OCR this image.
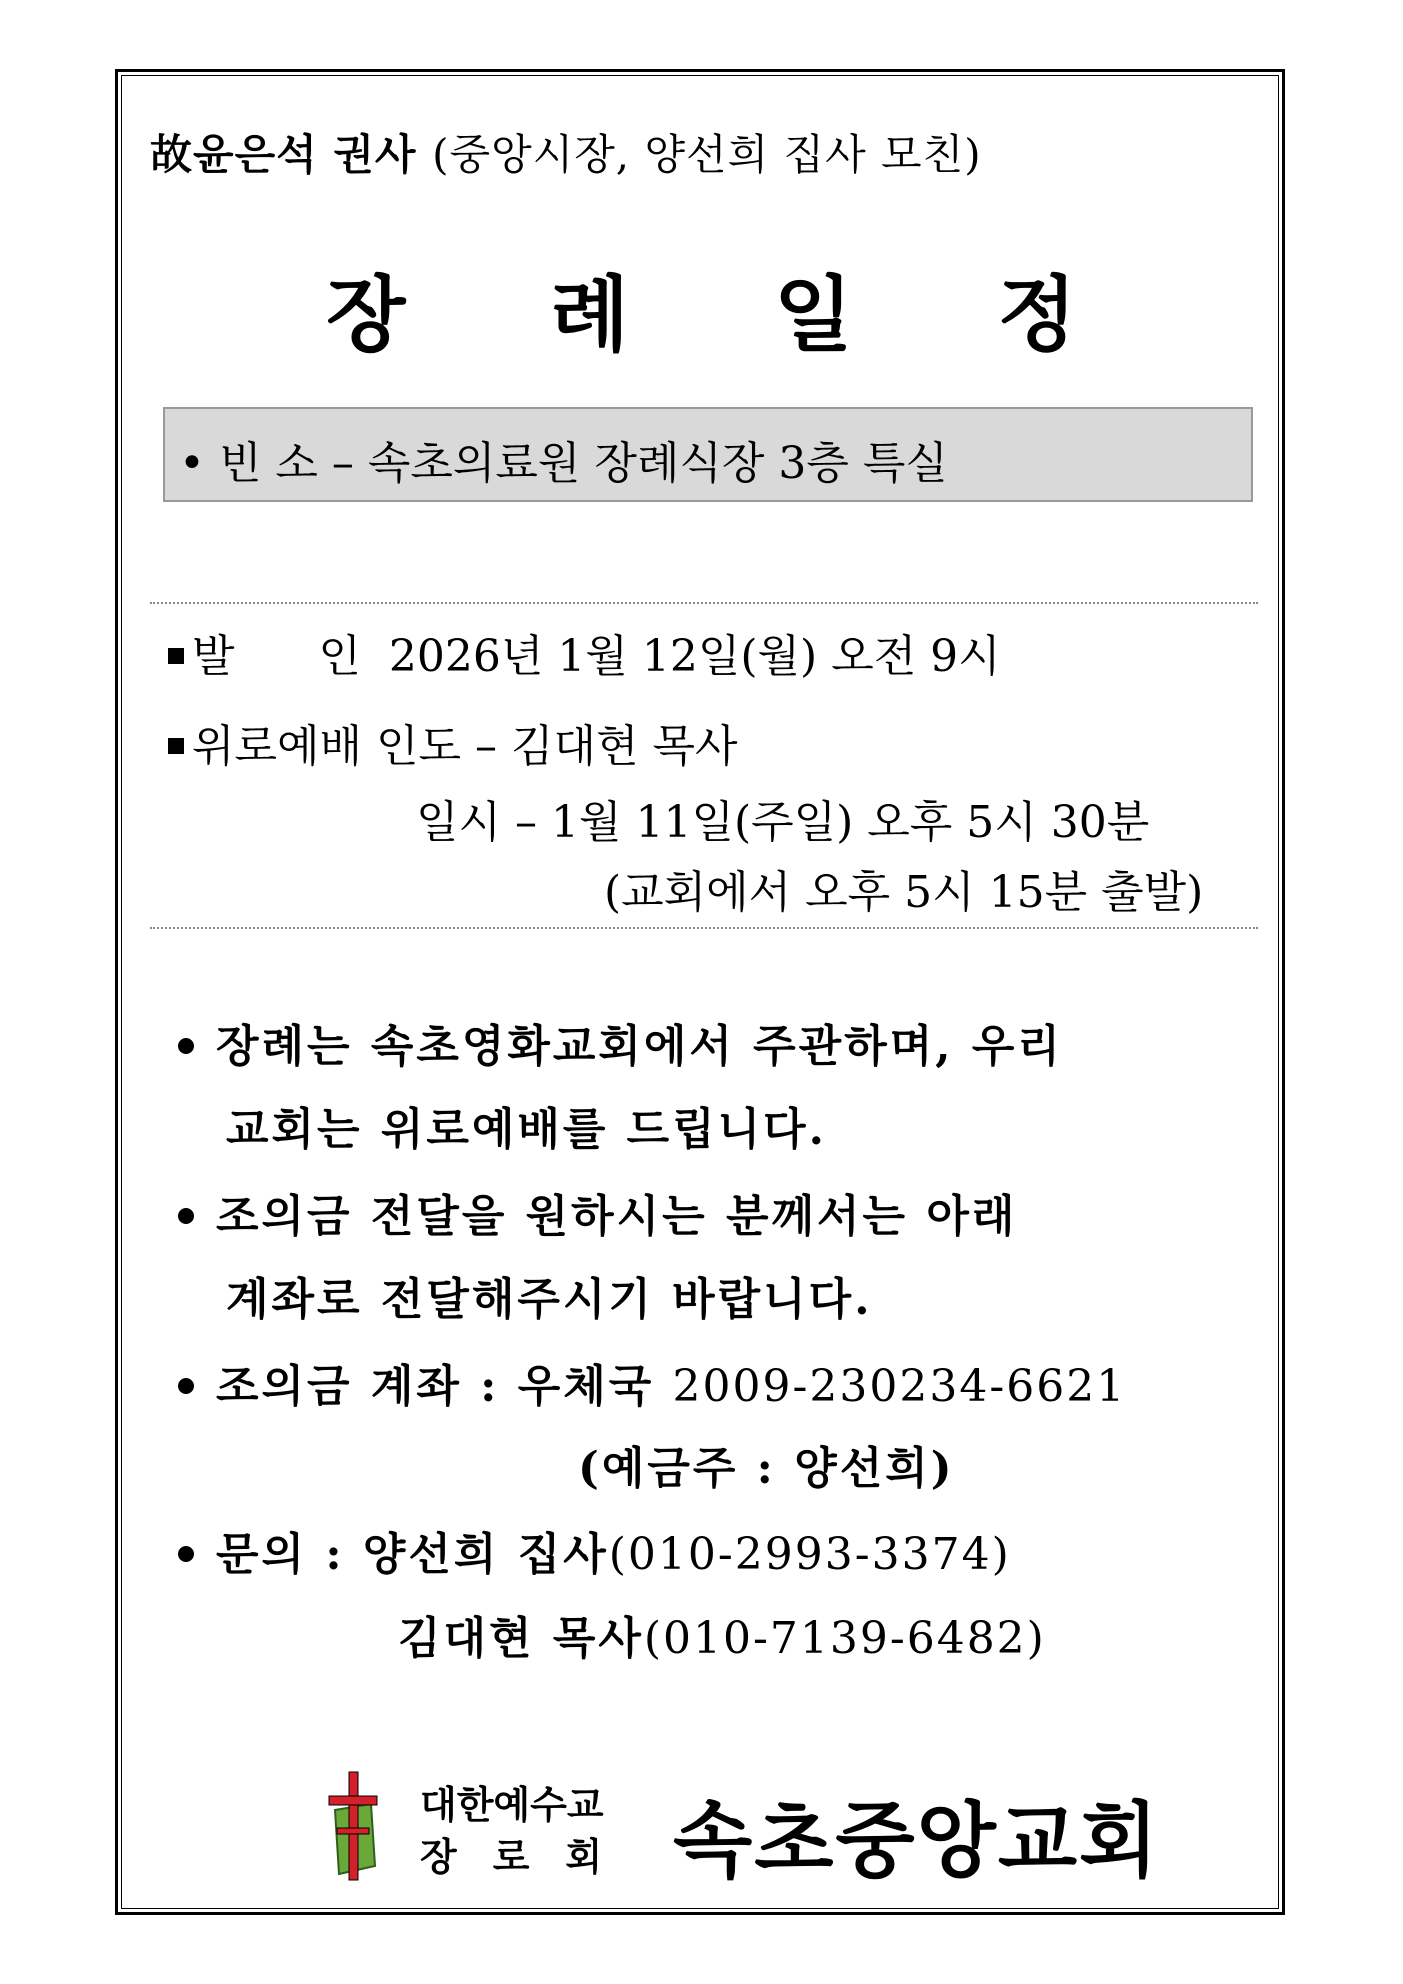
故윤은석 권사 (중앙시장, 양선희 집사 모친)
장 례 일 정
• 빈 소 – 속초의료원 장례식장 3층 특실
발      인 2026년 1월 12일(월) 오전 9시
위로예배 인도 – 김대현 목사
일시 – 1월 11일(주일) 오후 5시 30분
(교회에서 오후 5시 15분 출발)
장례는 속초영화교회에서 주관하며, 우리
교회는 위로예배를 드립니다.
조의금 전달을 원하시는 분께서는 아래
계좌로 전달해주시기 바랍니다.
조의금 계좌 : 우체국 2009-230234-6621
(예금주 : 양선희)
문의 : 양선희 집사(010-2993-3374)
김대현 목사(010-7139-6482)
대한예수교
장로회 속초중앙교회
